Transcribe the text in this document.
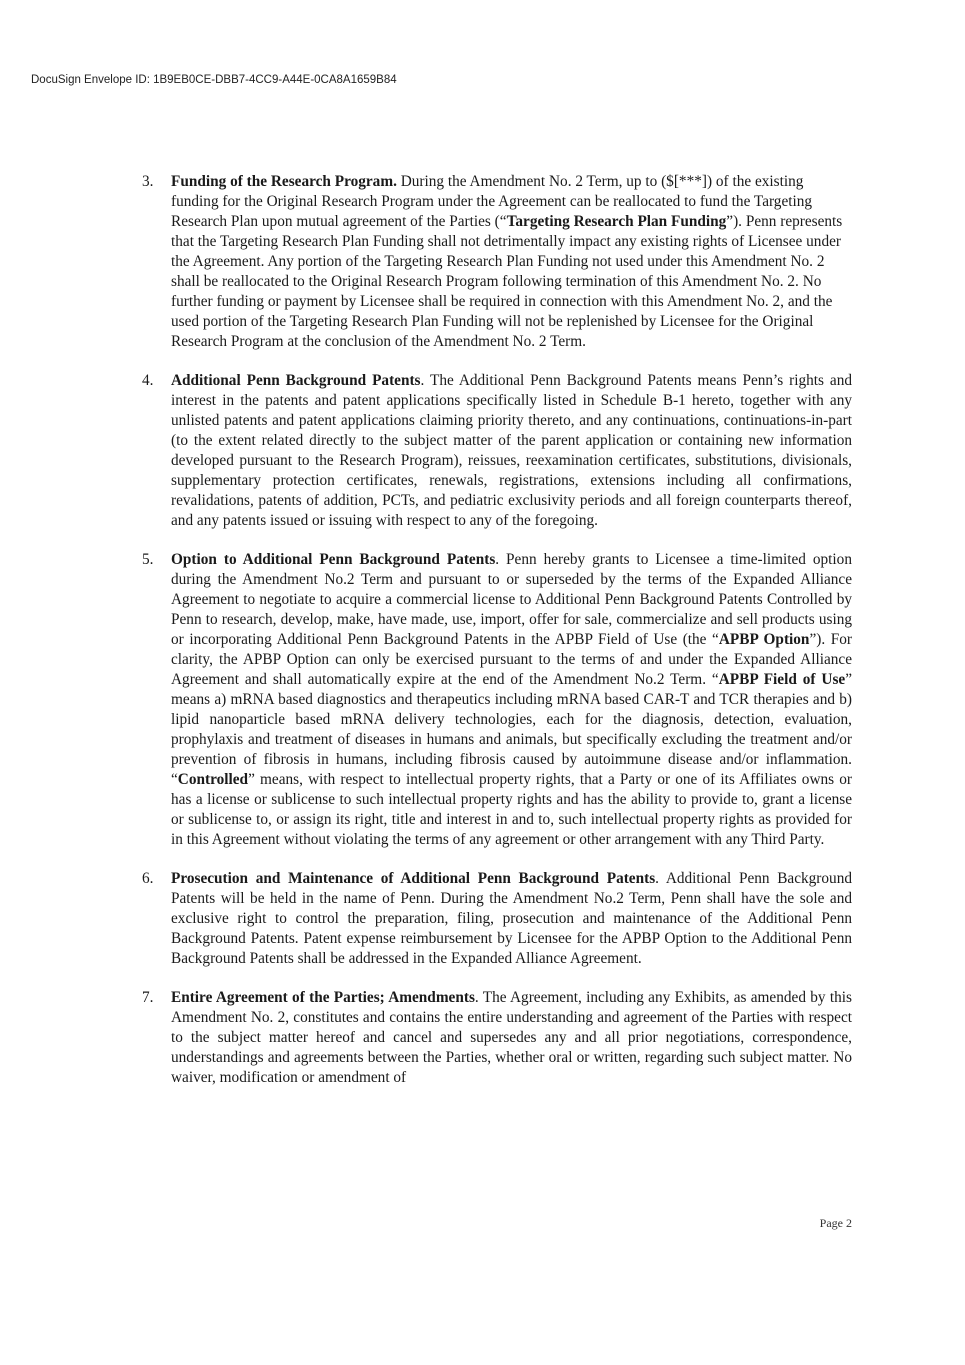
DocuSign Envelope ID: 1B9EB0CE-DBB7-4CC9-A44E-0CA8A1659B84
3.	Funding of the Research Program. During the Amendment No. 2 Term, up to ($[***]) of the existing funding for the Original Research Program under the Agreement can be reallocated to fund the Targeting Research Plan upon mutual agreement of the Parties (“Targeting Research Plan Funding”). Penn represents that the Targeting Research Plan Funding shall not detrimentally impact any existing rights of Licensee under the Agreement. Any portion of the Targeting Research Plan Funding not used under this Amendment No. 2 shall be reallocated to the Original Research Program following termination of this Amendment No. 2. No further funding or payment by Licensee shall be required in connection with this Amendment No. 2, and the used portion of the Targeting Research Plan Funding will not be replenished by Licensee for the Original Research Program at the conclusion of the Amendment No. 2 Term.
4.	Additional Penn Background Patents. The Additional Penn Background Patents means Penn’s rights and interest in the patents and patent applications specifically listed in Schedule B-1 hereto, together with any unlisted patents and patent applications claiming priority thereto, and any continuations, continuations-in-part (to the extent related directly to the subject matter of the parent application or containing new information developed pursuant to the Research Program), reissues, reexamination certificates, substitutions, divisionals, supplementary protection certificates, renewals, registrations, extensions including all confirmations, revalidations, patents of addition, PCTs, and pediatric exclusivity periods and all foreign counterparts thereof, and any patents issued or issuing with respect to any of the foregoing.
5.	Option to Additional Penn Background Patents. Penn hereby grants to Licensee a time-limited option during the Amendment No.2 Term and pursuant to or superseded by the terms of the Expanded Alliance Agreement to negotiate to acquire a commercial license to Additional Penn Background Patents Controlled by Penn to research, develop, make, have made, use, import, offer for sale, commercialize and sell products using or incorporating Additional Penn Background Patents in the APBP Field of Use (the “APBP Option”). For clarity, the APBP Option can only be exercised pursuant to the terms of and under the Expanded Alliance Agreement and shall automatically expire at the end of the Amendment No.2 Term. “APBP Field of Use” means a) mRNA based diagnostics and therapeutics including mRNA based CAR-T and TCR therapies and b) lipid nanoparticle based mRNA delivery technologies, each for the diagnosis, detection, evaluation, prophylaxis and treatment of diseases in humans and animals, but specifically excluding the treatment and/or prevention of fibrosis in humans, including fibrosis caused by autoimmune disease and/or inflammation. “Controlled” means, with respect to intellectual property rights, that a Party or one of its Affiliates owns or has a license or sublicense to such intellectual property rights and has the ability to provide to, grant a license or sublicense to, or assign its right, title and interest in and to, such intellectual property rights as provided for in this Agreement without violating the terms of any agreement or other arrangement with any Third Party.
6.	Prosecution and Maintenance of Additional Penn Background Patents. Additional Penn Background Patents will be held in the name of Penn. During the Amendment No.2 Term, Penn shall have the sole and exclusive right to control the preparation, filing, prosecution and maintenance of the Additional Penn Background Patents. Patent expense reimbursement by Licensee for the APBP Option to the Additional Penn Background Patents shall be addressed in the Expanded Alliance Agreement.
7.	Entire Agreement of the Parties; Amendments. The Agreement, including any Exhibits, as amended by this Amendment No. 2, constitutes and contains the entire understanding and agreement of the Parties with respect to the subject matter hereof and cancel and supersedes any and all prior negotiations, correspondence, understandings and agreements between the Parties, whether oral or written, regarding such subject matter. No waiver, modification or amendment of
Page 2
